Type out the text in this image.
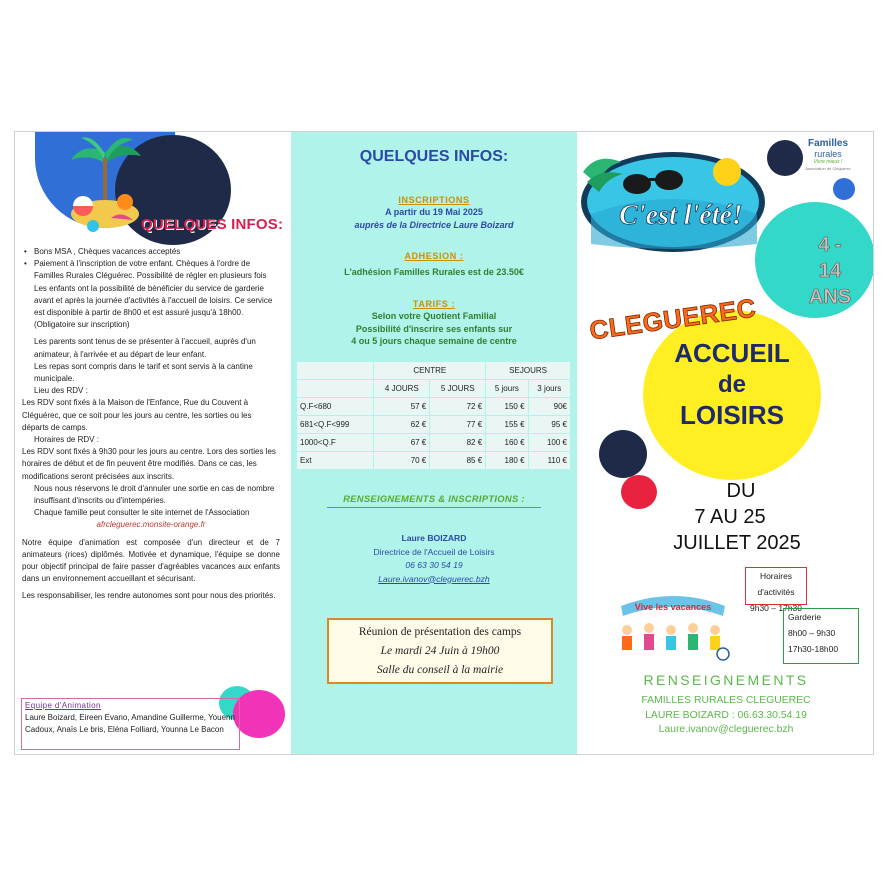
QUELQUES INFOS:

• Bons MSA , Chèques vacances acceptés

• Paiement à l'inscription de votre enfant. Chèques à l'ordre de Familles Rurales Cléguérec. Possibilité de régler en plusieurs fois

Les enfants ont la possibilité de bénéficier du service de garderie avant et après la journée d'activités à l'accueil de loisirs. Ce service est disponible à partir de 8h00 et est assuré jusqu'à 18h00. (Obligatoire sur inscription)

Les parents sont tenus de se présenter à l'accueil, auprès d'un animateur, à l'arrivée et au départ de leur enfant.

Les repas sont compris dans le tarif et sont servis à la cantine municipale.

Lieu des RDV :

Les RDV sont fixés à la Maison de l'Enfance, Rue du Couvent à Cléguérec, que ce soit pour les jours au centre, les sorties ou les départs de camps.

Horaires de RDV :

Les RDV sont fixés à 9h30 pour les jours au centre. Lors des sorties les horaires de début et de fin peuvent être modifiés. Dans ce cas, les modifications seront précisées aux inscrits.

Nous nous réservons le droit d'annuler une sortie en cas de nombre insuffisant d'inscrits ou d'intempéries.

Chaque famille peut consulter le site internet de l'Association

afrcleguerec.monsite-orange.fr

Notre équipe d'animation est composée d'un directeur et de 7 animateurs (rices) diplômés. Motivée et dynamique, l'équipe se donne pour objectif principal de faire passer d'agréables vacances aux enfants dans un environnement accueillant et sécurisant.

Les responsabiliser, les rendre autonomes sont pour nous des priorités.

Equipe d'Animation
Laure Boizard, Eireen Evano, Amandine Guillerme, Youenn Cadoux, Anaïs Le bris, Eléna Folliard, Younna Le Bacon
QUELQUES INFOS:
INSCRIPTIONS
A partir du 19 Mai 2025
auprès de la Directrice Laure Boizard
ADHESION :
L'adhésion Familles Rurales est de 23.50€
TARIFS :
Selon votre Quotient Familial
Possibilité d'inscrire ses enfants sur
4 ou 5 jours chaque semaine de centre
	CENTRE		SEJOURS	
	4 JOURS	5 JOURS	5 jours	3 jours
Q.F<680	57 €	72 €	150 €	90€
681<Q.F<999	62 €	77 €	155 €	95 €
1000<Q.F	67 €	82 €	160 €	100 €
Ext	70 €	85 €	180 €	110 €
RENSEIGNEMENTS & INSCRIPTIONS :
Laure BOIZARD
Directrice de l'Accueil de Loisirs
06 63 30 54 19
Laure.ivanov@cleguerec.bzh
Réunion de présentation des camps
Le mardi 24 Juin à 19h00
Salle du conseil à la mairie
Familles
rurales
Vivre mieux !
Association de Cléguérec
C'est l'été!
4 -
14
ANS
CLEGUEREC
ACCUEIL
de
LOISIRS
DU
7 AU 25
JUILLET 2025
Horaires d'activités
9h30 – 17h30
Vive les vacances
Garderie
8h00 – 9h30
17h30-18h00
RENSEIGNEMENTS
FAMILLES RURALES CLEGUEREC
LAURE BOIZARD : 06.63.30.54.19
Laure.ivanov@cleguerec.bzh
